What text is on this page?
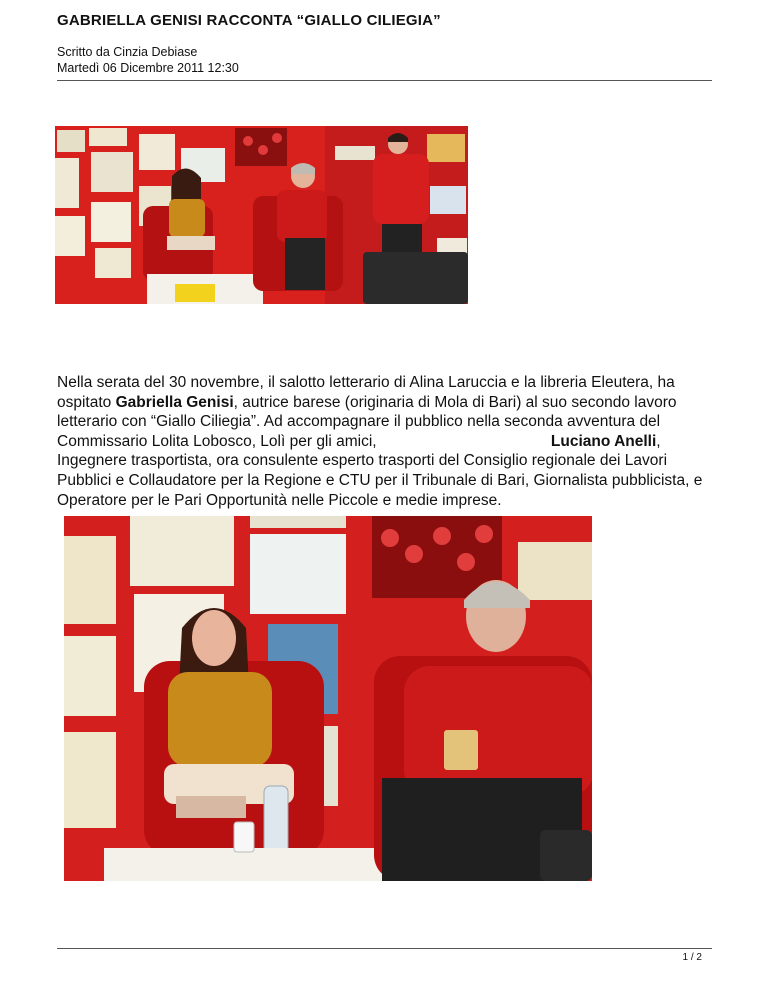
GABRIELLA GENISI RACCONTA “GIALLO CILIEGIA”
Scritto da Cinzia Debiase
Martedì 06 Dicembre 2011 12:30
Nella serata del 30 novembre, il salotto letterario di Alina Laruccia e la libreria Eleutera, ha ospitato Gabriella Genisi, autrice barese (originaria di Mola di Bari) al suo secondo lavoro letterario con “Giallo Ciliegia”. Ad accompagnare il pubblico nella seconda avventura del Commissario Lolita Lobosco, Lolì per gli amici,	Luciano Anelli, Ingegnere trasportista, ora consulente esperto trasporti del Consiglio regionale dei Lavori Pubblici e Collaudatore per la Regione e CTU per il Tribunale di Bari, Giornalista pubblicista, e Operatore per le Pari Opportunità nelle Piccole e medie imprese.
1 / 2
